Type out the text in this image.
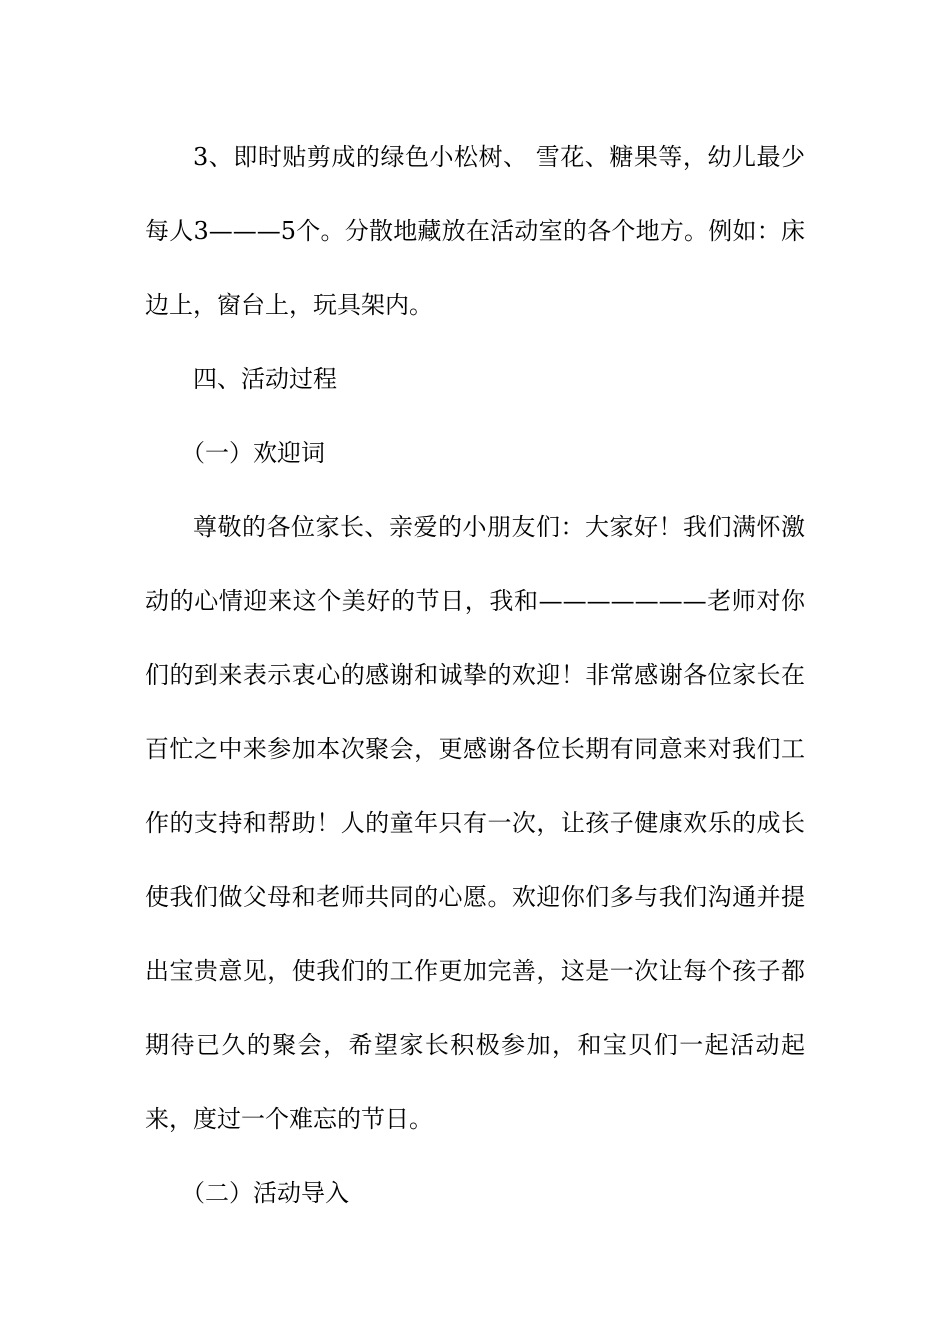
3、即时贴剪成的绿色小松树、 雪花、糖果等，幼儿最少每人3———5个。分散地藏放在活动室的各个地方。例如：床边上，窗台上，玩具架内。

四、活动过程

（一）欢迎词

尊敬的各位家长、亲爱的小朋友们：大家好！我们满怀激动的心情迎来这个美好的节日，我和———————老师对你们的到来表示衷心的感谢和诚挚的欢迎！非常感谢各位家长在百忙之中来参加本次聚会，更感谢各位长期有同意来对我们工作的支持和帮助！人的童年只有一次，让孩子健康欢乐的成长使我们做父母和老师共同的心愿。欢迎你们多与我们沟通并提出宝贵意见，使我们的工作更加完善，这是一次让每个孩子都期待已久的聚会，希望家长积极参加，和宝贝们一起活动起来，度过一个难忘的节日。

（二）活动导入
